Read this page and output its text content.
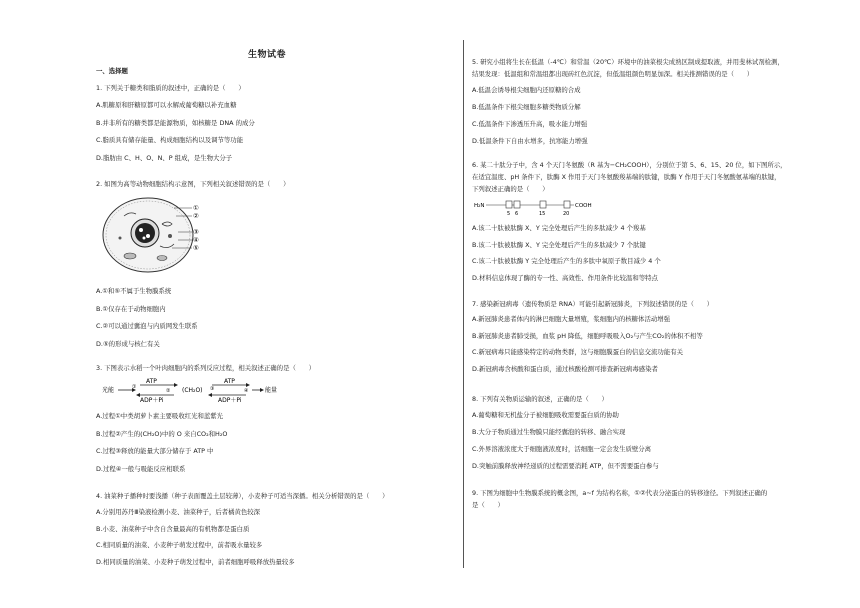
生物试卷
一、选择题
1. 下列关于糖类和脂质的叙述中，正确的是（　　）
A.肌糖原和肝糖原都可以水解成葡萄糖以补充血糖
B.并非所有的糖类都是能源物质，如核糖是 DNA 的成分
C.脂质具有储存能量、构成细胞结构以及调节等功能
D.脂肪由 C、H、O、N、P 组成，是生物大分子
2. 如图为高等动物细胞结构示意图，下列相关叙述错误的是（　　）
①
②
③
④
⑤
A.①和⑤不属于生物膜系统
B.①仅存在于动物细胞内
C.②可以通过囊泡与内质网发生联系
D.⑤的形成与核仁有关
3. 下图表示水稻一个叶肉细胞内的系列反应过程，相关叙述正确的是（　　）
光能
ATP
ADP＋Pi
①
② (CH₂O)
ATP
ADP＋Pi
③	④	能量
A.过程①中类胡萝卜素主要吸收红光和蓝紫光
B.过程②产生的(CH₂O)中的 O 来自CO₂和H₂O
C.过程③释放的能量大部分储存于 ATP 中
D.过程④一般与吸能反应相联系
4. 油菜种子播种时要浅播（种子表面覆盖土层较薄），小麦种子可适当深播。相关分析错误的是（　　）
A.分别用苏丹Ⅲ染液检测小麦、油菜种子，后者橘黄色较深
B.小麦、油菜种子中含自含量最高的有机物都是蛋白质
C.相同质量的油菜、小麦种子萌发过程中，前者吸水量较多
D.相同质量的油菜、小麦种子萌发过程中，前者细胞呼吸释放热量较多
5. 研究小组将生长在低温（-4℃）和常温（20℃）环境中的油菜根尖成熟区制成提取液，并用斐林试剂检测，
结果发现：低温组和常温组都出现砖红色沉淀，但低温组颜色明显加深。相关推测错误的是（　　）
A.低温会诱导根尖细胞内还原糖的合成
B.低温条件下根尖细胞多糖类物质分解
C.低温条件下渗透压升高，吸水能力增强
D.低温条件下自由水增多，抗寒能力增强
6. 某二十肽分子中，含 4 个天门冬氨酸（R 基为−CH₂COOH），分别位于第 5、6、15、20 位，如下图所示，
在适宜温度、pH 条件下，肽酶 X 作用于天门冬氨酸羧基端的肽键，肽酶 Y 作用于天门冬氨酸氨基端的肽键，
下列叙述正确的是（　　）
H₂N	COOH
5 6	15	20
A.该二十肽被肽酶 X、Y 完全处理后产生的多肽减少 4 个羧基
B.该二十肽被肽酶 X、Y 完全处理后产生的多肽减少 7 个肽键
C.该二十肽被肽酶 Y 完全处理后产生的多肽中氧原子数目减少 4 个
D.材料信息体现了酶的专一性、高效性、作用条件比较温和等特点
7. 感染新冠病毒（遗传物质是 RNA）可能引起新冠肺炎，下列叙述错误的是（　　）
A.新冠肺炎患者体内的淋巴细胞大量增殖，浆细胞内的核糖体活动增强
B.新冠肺炎患者肺受损，血浆 pH 降低，细胞呼吸吸入O₂与产生CO₂的体积不相等
C.新冠病毒只能感染特定的动物类群，这与细胞膜蛋白的信息交流功能有关
D.新冠病毒含核酸和蛋白质，通过核酸检测可排查新冠病毒感染者
8. 下列有关物质运输的叙述，正确的是（　　）
A.葡萄糖和无机盐分子被细胞吸收需要蛋白质的协助
B.大分子物质通过生物膜只能经囊泡的转移、融合实现
C.外界溶液浓度大于细胞液浓度时，活细胞一定会发生质壁分离
D.突触前膜释放神经递质的过程需要消耗 ATP，但不需要蛋白参与
9. 下图为细胞中生物膜系统的概念图，a~f 为结构名称，①②代表分泌蛋白的转移途径。下列叙述正确的
是（　　）
